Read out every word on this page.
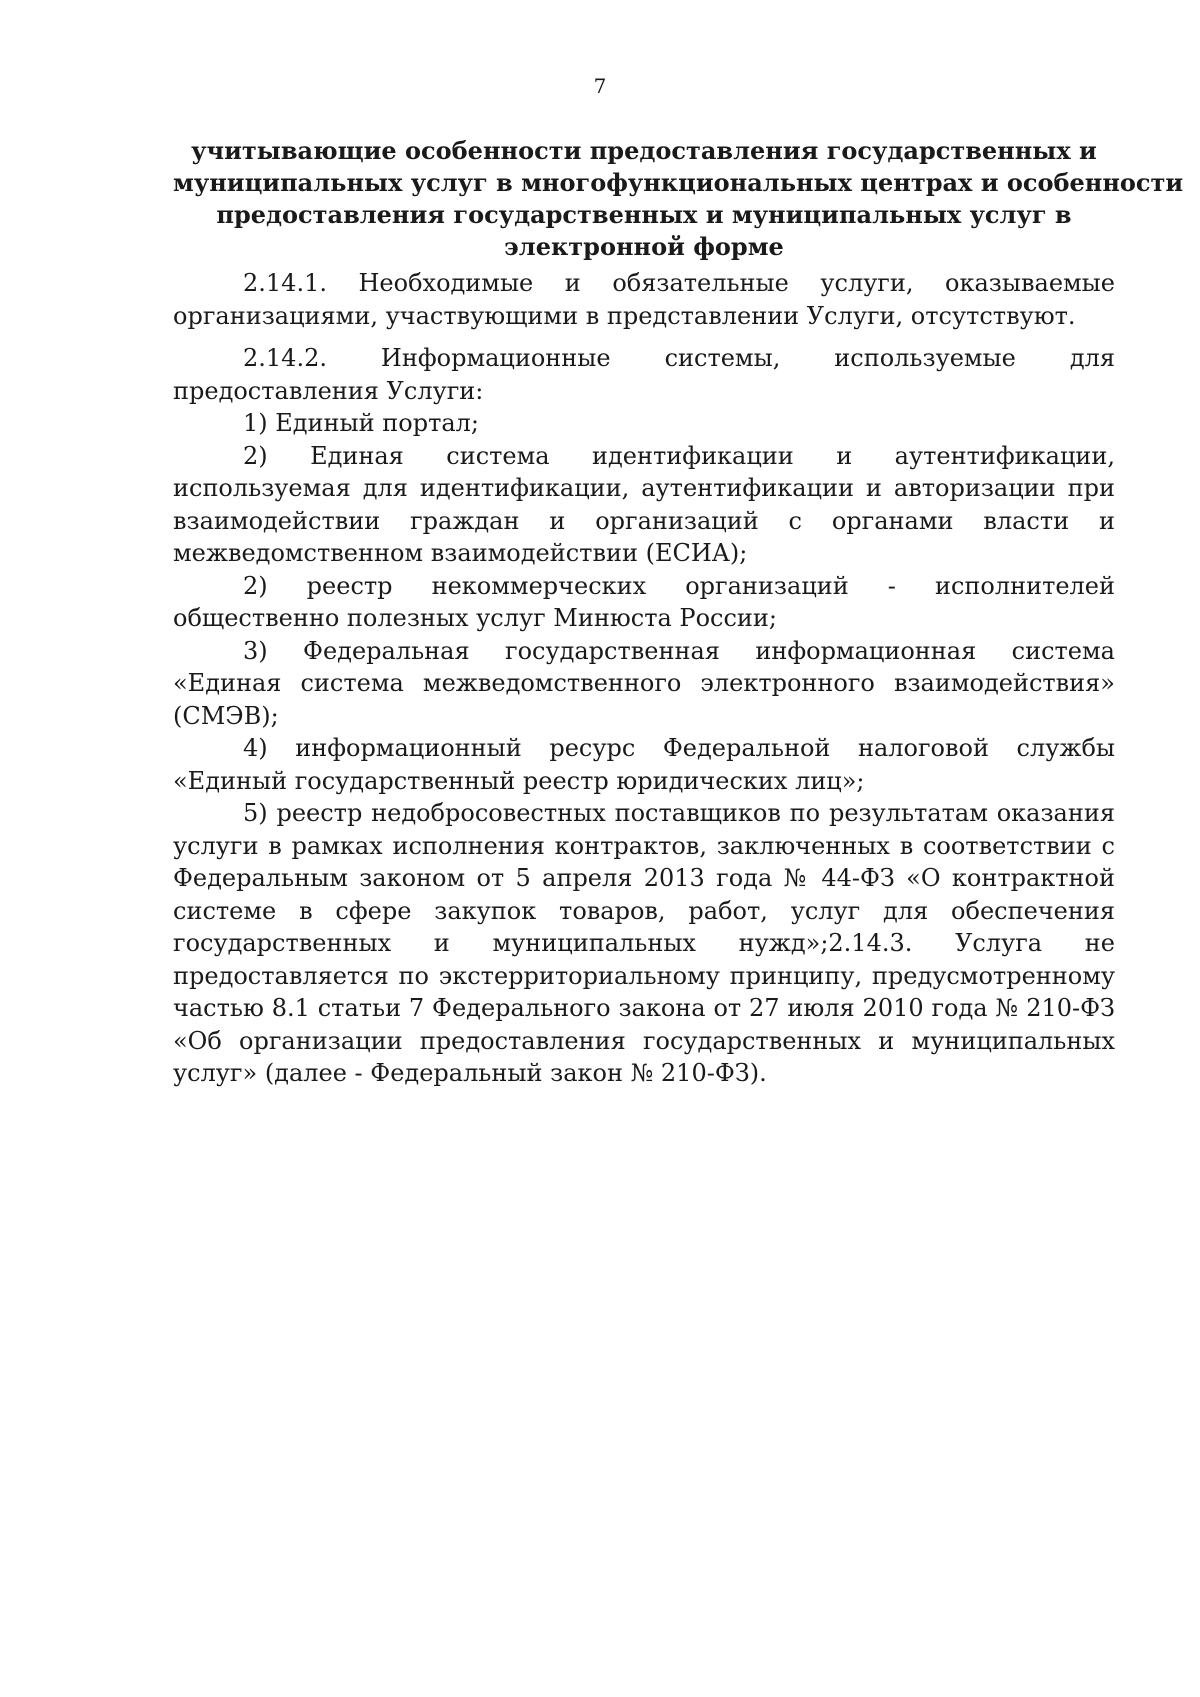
7
учитывающие особенности предоставления государственных и
муниципальных услуг в многофункциональных центрах и особенности
предоставления государственных и муниципальных услуг в
электронной форме

2.14.1. Необходимые и обязательные услуги, оказываемые организациями, участвующими в представлении Услуги, отсутствуют.

2.14.2. Информационные системы, используемые для предоставления Услуги:

1) Единый портал;

2) Единая система идентификации и аутентификации, используемая для идентификации, аутентификации и авторизации при взаимодействии граждан и организаций с органами власти и межведомственном взаимодействии (ЕСИА);

2) реестр некоммерческих организаций - исполнителей общественно полезных услуг Минюста России;

3) Федеральная государственная информационная система «Единая система межведомственного электронного взаимодействия» (СМЭВ);

4) информационный ресурс Федеральной налоговой службы «Единый государственный реестр юридических лиц»;

5) реестр недобросовестных поставщиков по результатам оказания услуги в рамках исполнения контрактов, заключенных в соответствии с Федеральным законом от 5 апреля 2013 года № 44-ФЗ «О контрактной системе в сфере закупок товаров, работ, услуг для обеспечения государственных и муниципальных нужд»;2.14.3. Услуга не предоставляется по экстерриториальному принципу, предусмотренному частью 8.1 статьи 7 Федерального закона от 27 июля 2010 года № 210-ФЗ «Об организации предоставления государственных и муниципальных услуг» (далее - Федеральный закон № 210-ФЗ).
